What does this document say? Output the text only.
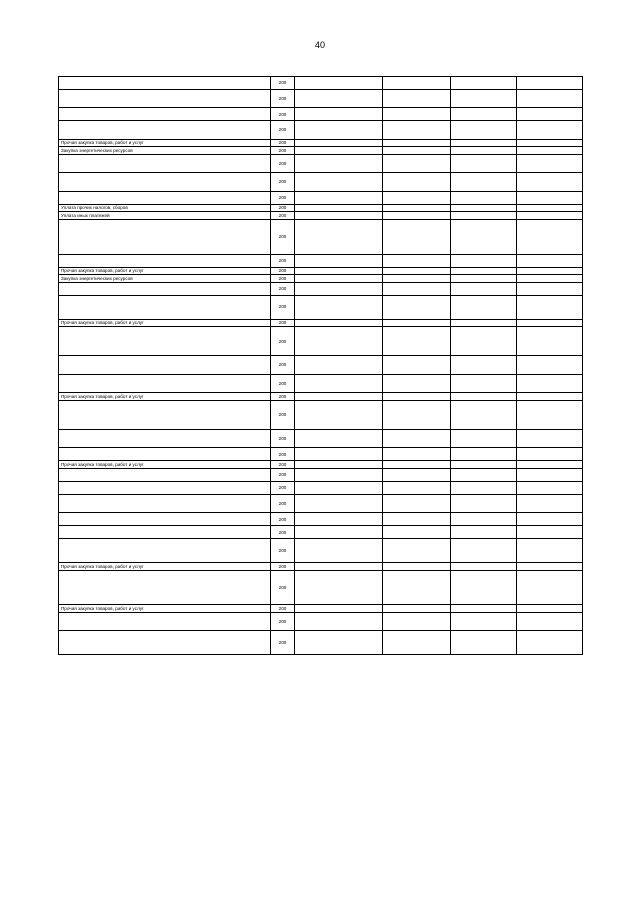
40
	200				
	200				
	200				
	200				
Прочая закупка товаров, работ и услуг	200				
Закупка энергетических ресурсов	200				
	200				
	200				
	200				
Уплата прочих налогов, сборов	200				
Уплата иных платежей	200				
	200				
	200				
Прочая закупка товаров, работ и услуг	200				
Закупка энергетических ресурсов	200				
	200				
	200				
Прочая закупка товаров, работ и услуг	200				
	200				
	200				
	200				
Прочая закупка товаров, работ и услуг	200				
	200				
	200				
	200				
Прочая закупка товаров, работ и услуг	200				
	200				
	200				
	200				
	200				
	200				
	200				
Прочая закупка товаров, работ и услуг	200				
	200				
Прочая закупка товаров, работ и услуг	200				
	200				
	200				
